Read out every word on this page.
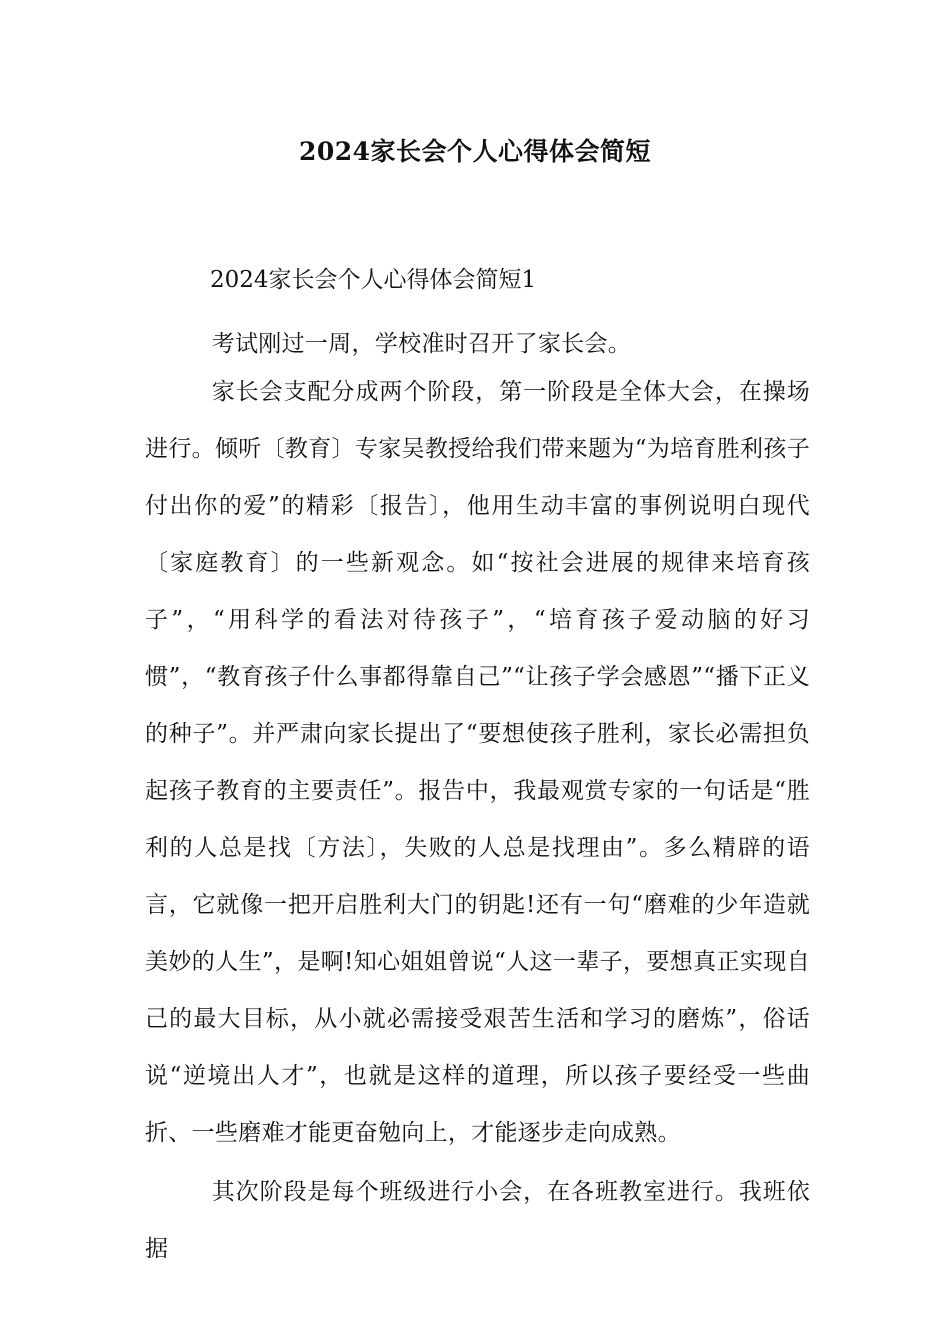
2024家长会个人心得体会简短
2024家长会个人心得体会简短1

考试刚过一周，学校准时召开了家长会。

家长会支配分成两个阶段，第一阶段是全体大会，在操场进行。倾听〔教育〕专家吴教授给我们带来题为“为培育胜利孩子付出你的爱”的精彩〔报告〕，他用生动丰富的事例说明白现代〔家庭教育〕的一些新观念。如“按社会进展的规律来培育孩子”，“用科学的看法对待孩子”，“培育孩子爱动脑的好习惯”，“教育孩子什么事都得靠自己”“让孩子学会感恩”“播下正义的种子”。并严肃向家长提出了“要想使孩子胜利，家长必需担负起孩子教育的主要责任”。报告中，我最观赏专家的一句话是“胜利的人总是找〔方法〕，失败的人总是找理由”。多么精辟的语言，它就像一把开启胜利大门的钥匙!还有一句“磨难的少年造就美妙的人生”，是啊!知心姐姐曾说“人这一辈子，要想真正实现自己的最大目标，从小就必需接受艰苦生活和学习的磨炼”，俗话说“逆境出人才”，也就是这样的道理，所以孩子要经受一些曲折、一些磨难才能更奋勉向上，才能逐步走向成熟。

其次阶段是每个班级进行小会，在各班教室进行。我班依据
